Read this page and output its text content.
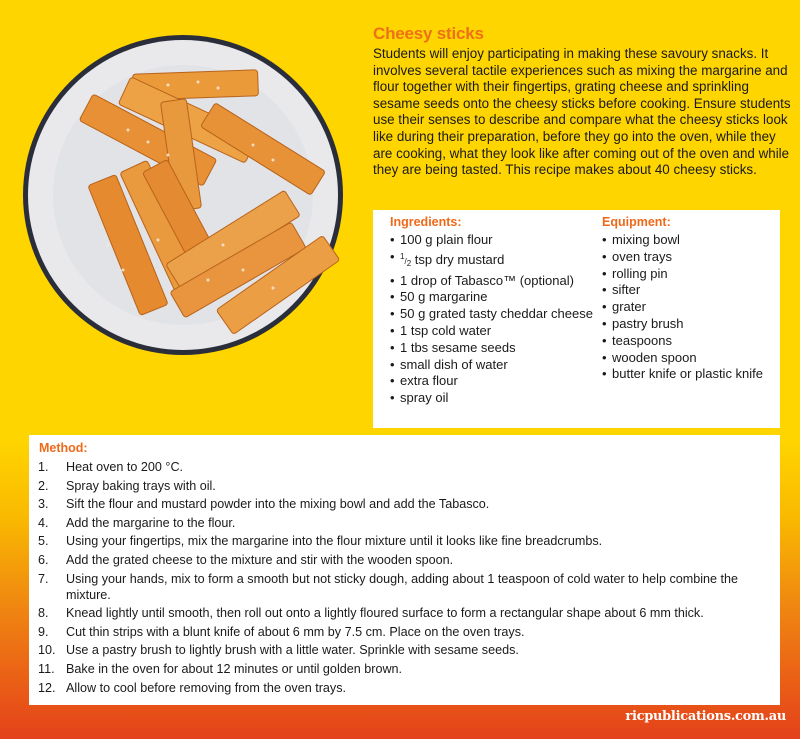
Cheesy sticks
Students will enjoy participating in making these savoury snacks. It involves several tactile experiences such as mixing the margarine and flour together with their fingertips, grating cheese and sprinkling sesame seeds onto the cheesy sticks before cooking. Ensure students use their senses to describe and compare what the cheesy sticks look like during their preparation, before they go into the oven, while they are cooking, what they look like after coming out of the oven and while they are being tasted. This recipe makes about 40 cheesy sticks.
Ingredients:
• 100 g plain flour
• $^1/_2$ tsp dry mustard
• 1 drop of Tabasco™ (optional)
• 50 g margarine
• 50 g grated tasty cheddar cheese
• 1 tsp cold water
• 1 tbs sesame seeds
• small dish of water
• extra flour
• spray oil
Equipment:
• mixing bowl
• oven trays
• rolling pin
• sifter
• grater
• pastry brush
• teaspoons
• wooden spoon
• butter knife or plastic knife
Method:
1. Heat oven to 200 °C.
2. Spray baking trays with oil.
3. Sift the flour and mustard powder into the mixing bowl and add the Tabasco.
4. Add the margarine to the flour.
5. Using your fingertips, mix the margarine into the flour mixture until it looks like fine breadcrumbs.
6. Add the grated cheese to the mixture and stir with the wooden spoon.
7. Using your hands, mix to form a smooth but not sticky dough, adding about 1 teaspoon of cold water to help combine the mixture.
8. Knead lightly until smooth, then roll out onto a lightly floured surface to form a rectangular shape about 6 mm thick.
9. Cut thin strips with a blunt knife of about 6 mm by 7.5 cm. Place on the oven trays.
10. Use a pastry brush to lightly brush with a little water. Sprinkle with sesame seeds.
11. Bake in the oven for about 12 minutes or until golden brown.
12. Allow to cool before removing from the oven trays.
ricpublications.com.au
